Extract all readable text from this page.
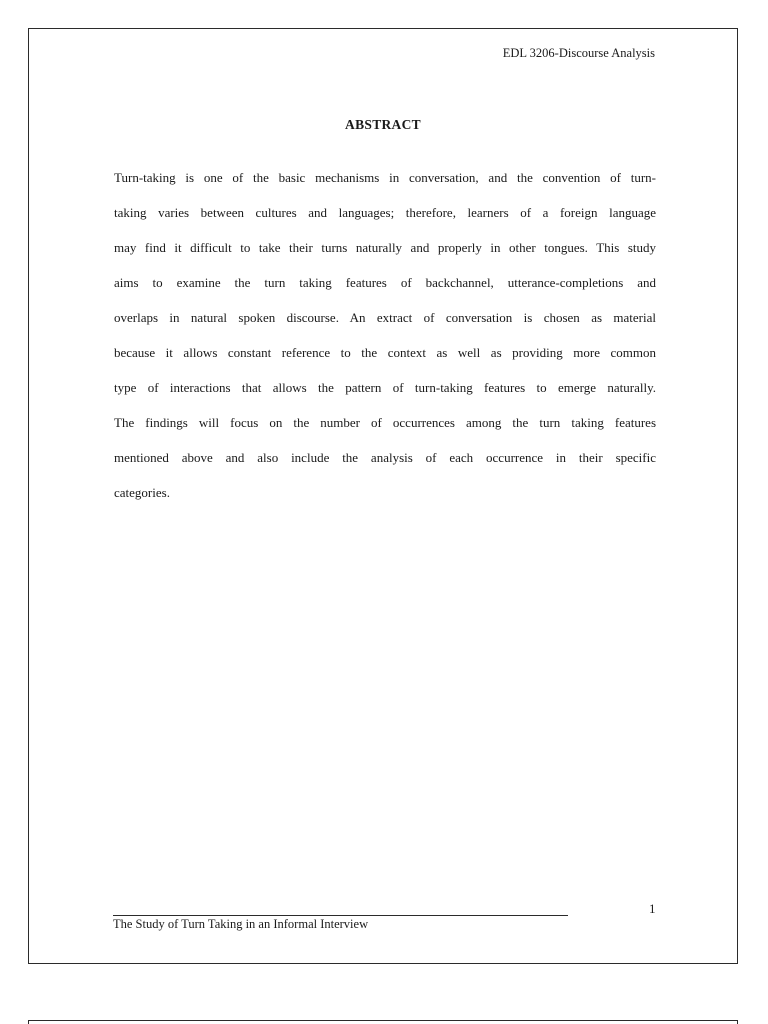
EDL 3206-Discourse Analysis
ABSTRACT
Turn-taking is one of the basic mechanisms in conversation, and the convention of turn-
taking varies between cultures and languages; therefore, learners of a foreign language
may find it difficult to take their turns naturally and properly in other tongues. This study
aims to examine the turn taking features of backchannel, utterance-completions and
overlaps in natural spoken discourse. An extract of conversation is chosen as material
because it allows constant reference to the context as well as providing more common
type of interactions that allows the pattern of turn-taking features to emerge naturally.
The findings will focus on the number of occurrences among the turn taking features
mentioned above and also include the analysis of each occurrence in their specific
categories.
The Study of Turn Taking in an Informal Interview
1
